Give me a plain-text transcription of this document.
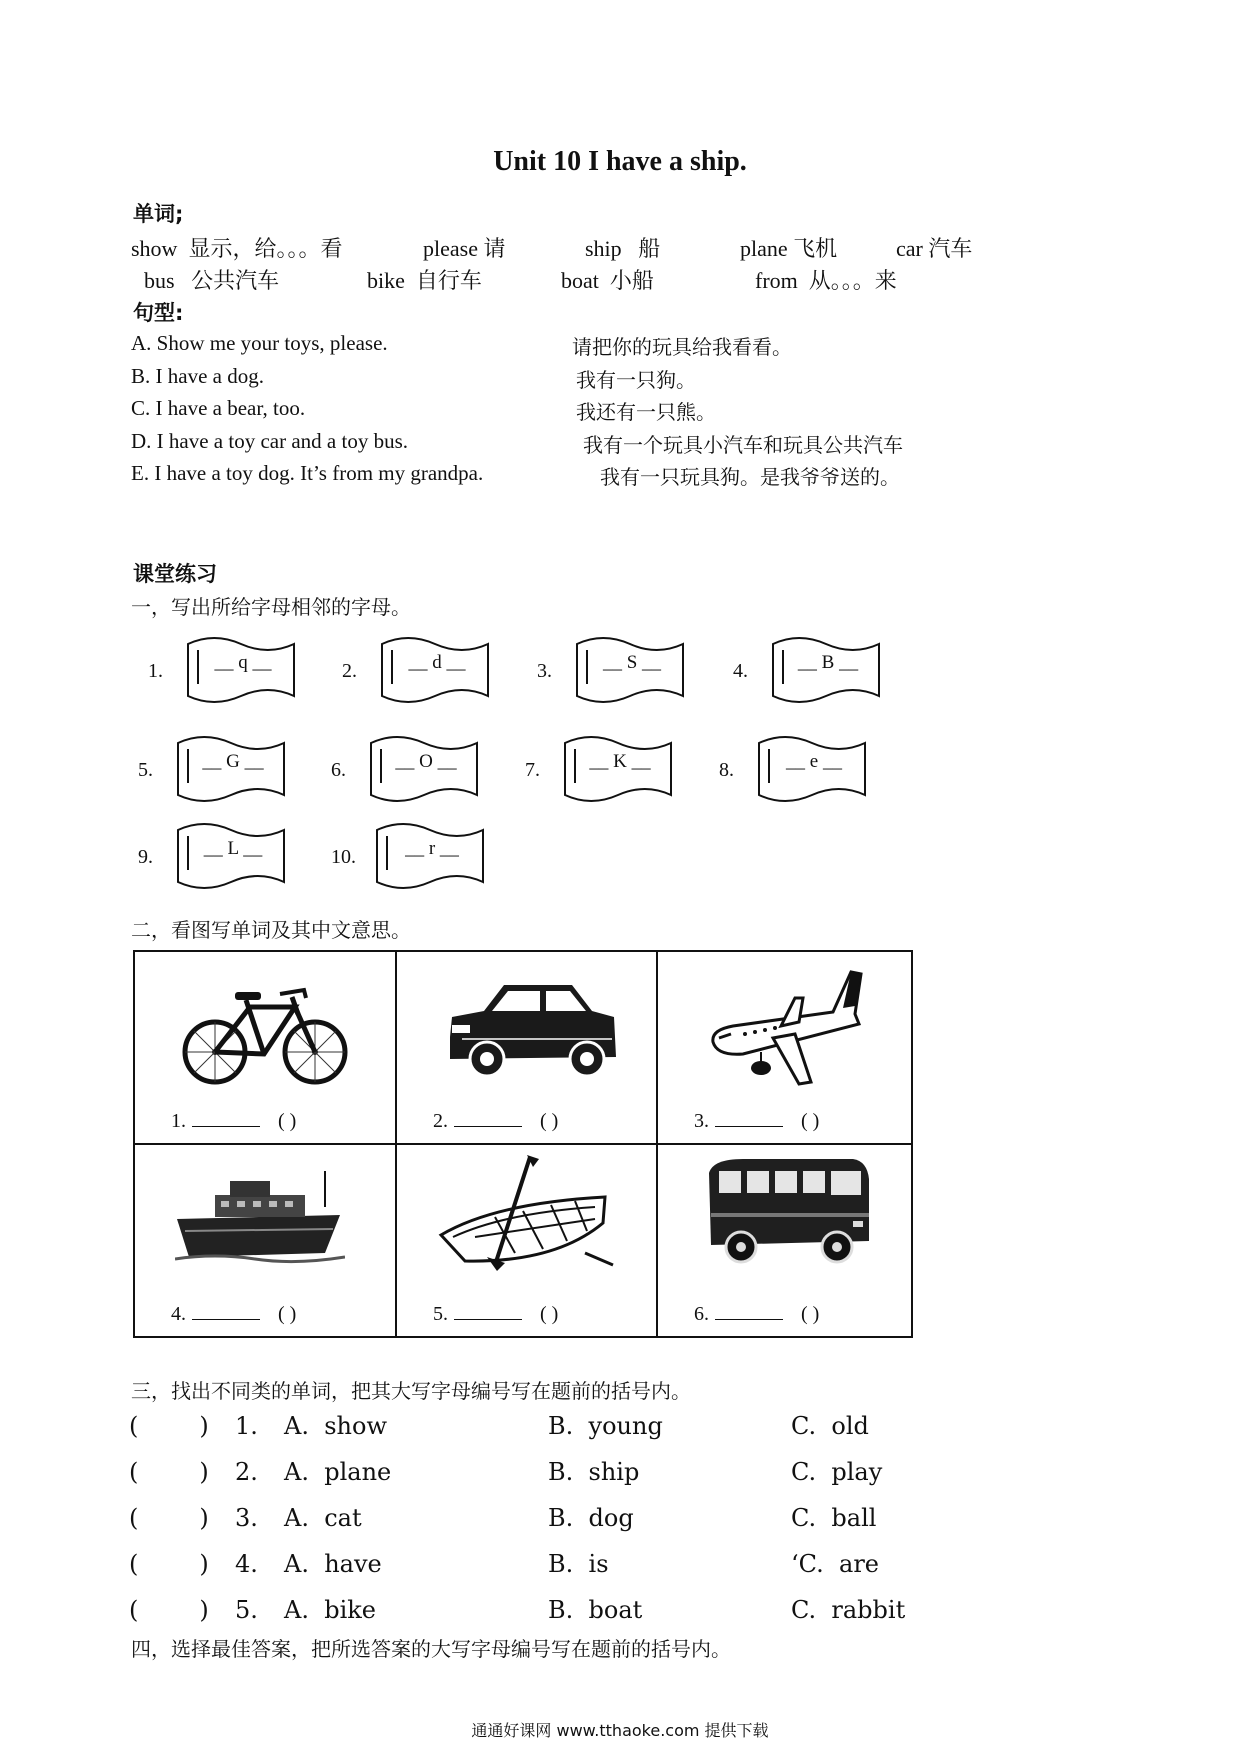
Unit 10 I have a ship.
单词;
show 显示，给。。。看	please 请	ship 船	plane 飞机	car 汽车
bus 公共汽车	bike 自行车	boat 小船	from 从。。。来
句型:
A. Show me your toys, please.	请把你的玩具给我看看。
B. I have a dog.	我有一只狗。
C. I have a bear, too.	我还有一只熊。
D. I have a toy car and a toy bus.	我有一个玩具小汽车和玩具公共汽车
E. I have a toy dog. It’s from my grandpa.	我有一只玩具狗。是我爷爷送的。
课堂练习
一，写出所给字母相邻的字母。
1.	__ q __	2.	__ d __	3.	__ S __	4.	__ B __
5.	__ G __	6.	__ O __	7.	__ K __	8.	__ e __
9.	__ L __	10.	__ r __
二，看图写单词及其中文意思。
1.	( )	2.	( )	3.	( )
4.	( )	5.	( )	6.	( )
三，找出不同类的单词，把其大写字母编号写在题前的括号内。
(        ) 1. A.  show	B.  young	C.  old
(        ) 2. A.  plane	B.  ship	C.  play
(        ) 3. A.  cat	B.  dog	C.  ball
(        ) 4. A.  have	B.  is	‘C.  are
(        ) 5. A.  bike	B.  boat	C.  rabbit
四，选择最佳答案，把所选答案的大写字母编号写在题前的括号内。
通通好课网 www.tthaoke.com 提供下载
